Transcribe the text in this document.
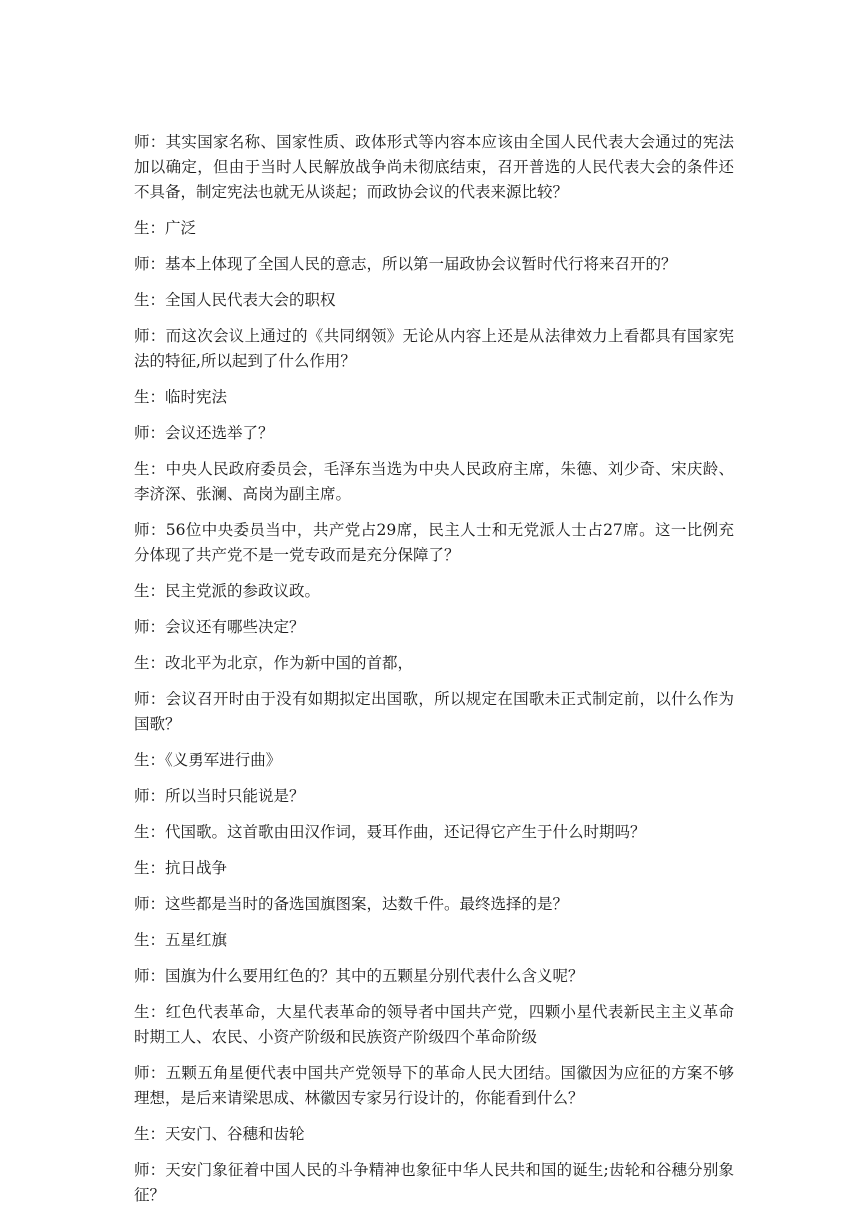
师：其实国家名称、国家性质、政体形式等内容本应该由全国人民代表大会通过的宪法加以确定，但由于当时人民解放战争尚未彻底结束，召开普选的人民代表大会的条件还不具备，制定宪法也就无从谈起；而政协会议的代表来源比较？

生：广泛

师：基本上体现了全国人民的意志，所以第一届政协会议暂时代行将来召开的？

生：全国人民代表大会的职权

师：而这次会议上通过的《共同纲领》无论从内容上还是从法律效力上看都具有国家宪法的特征,所以起到了什么作用？

生：临时宪法

师：会议还选举了？

生：中央人民政府委员会，毛泽东当选为中央人民政府主席，朱德、刘少奇、宋庆龄、李济深、张澜、高岗为副主席。

师：56位中央委员当中，共产党占29席，民主人士和无党派人士占27席。这一比例充分体现了共产党不是一党专政而是充分保障了？

生：民主党派的参政议政。

师：会议还有哪些决定？

生：改北平为北京，作为新中国的首都，

师：会议召开时由于没有如期拟定出国歌，所以规定在国歌未正式制定前，以什么作为国歌？

生：《义勇军进行曲》

师：所以当时只能说是？

生：代国歌。这首歌由田汉作词，聂耳作曲，还记得它产生于什么时期吗？

生：抗日战争

师：这些都是当时的备选国旗图案，达数千件。最终选择的是？

生：五星红旗

师：国旗为什么要用红色的？其中的五颗星分别代表什么含义呢？

生：红色代表革命，大星代表革命的领导者中国共产党，四颗小星代表新民主主义革命时期工人、农民、小资产阶级和民族资产阶级四个革命阶级

师：五颗五角星便代表中国共产党领导下的革命人民大团结。国徽因为应征的方案不够理想，是后来请梁思成、林徽因专家另行设计的，你能看到什么？

生：天安门、谷穗和齿轮

师：天安门象征着中国人民的斗争精神也象征中华人民共和国的诞生;齿轮和谷穗分别象征？
